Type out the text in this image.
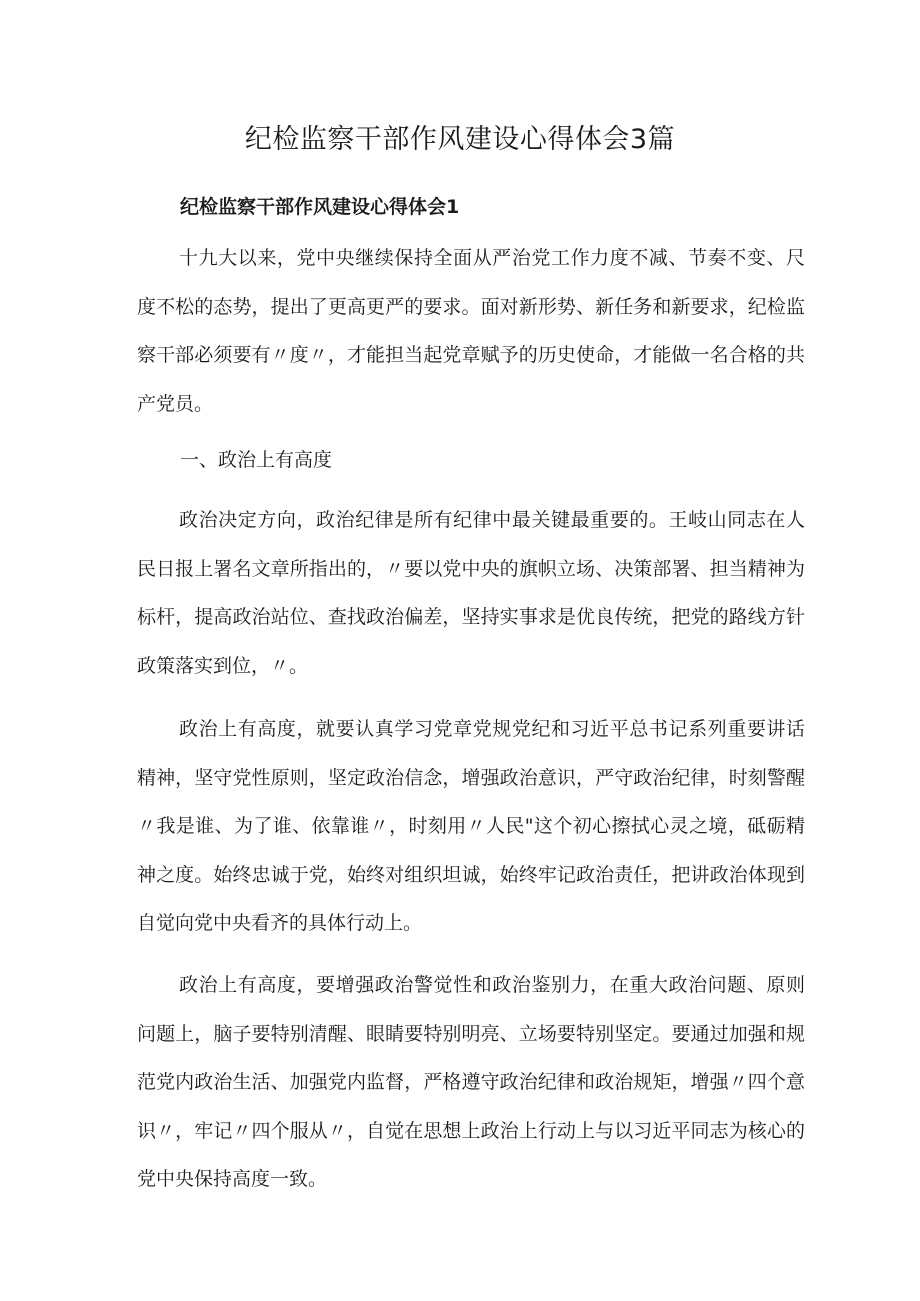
纪检监察干部作风建设心得体会3篇
纪检监察干部作风建设心得体会1

十九大以来，党中央继续保持全面从严治党工作力度不减、节奏不变、尺度不松的态势，提出了更高更严的要求。面对新形势、新任务和新要求，纪检监察干部必须要有〃度〃，才能担当起党章赋予的历史使命，才能做一名合格的共产党员。

一、政治上有高度

政治决定方向，政治纪律是所有纪律中最关键最重要的。王岐山同志在人民日报上署名文章所指出的，〃要以党中央的旗帜立场、决策部署、担当精神为标杆，提高政治站位、查找政治偏差，坚持实事求是优良传统，把党的路线方针政策落实到位，〃。

政治上有高度，就要认真学习党章党规党纪和习近平总书记系列重要讲话精神，坚守党性原则，坚定政治信念，增强政治意识，严守政治纪律，时刻警醒〃我是谁、为了谁、依靠谁〃，时刻用〃人民"这个初心擦拭心灵之境，砥砺精神之度。始终忠诚于党，始终对组织坦诚，始终牢记政治责任，把讲政治体现到自觉向党中央看齐的具体行动上。

政治上有高度，要增强政治警觉性和政治鉴别力，在重大政治问题、原则问题上，脑子要特别清醒、眼睛要特别明亮、立场要特别坚定。要通过加强和规范党内政治生活、加强党内监督，严格遵守政治纪律和政治规矩，增强〃四个意识〃，牢记〃四个服从〃，自觉在思想上政治上行动上与以习近平同志为核心的党中央保持高度一致。
